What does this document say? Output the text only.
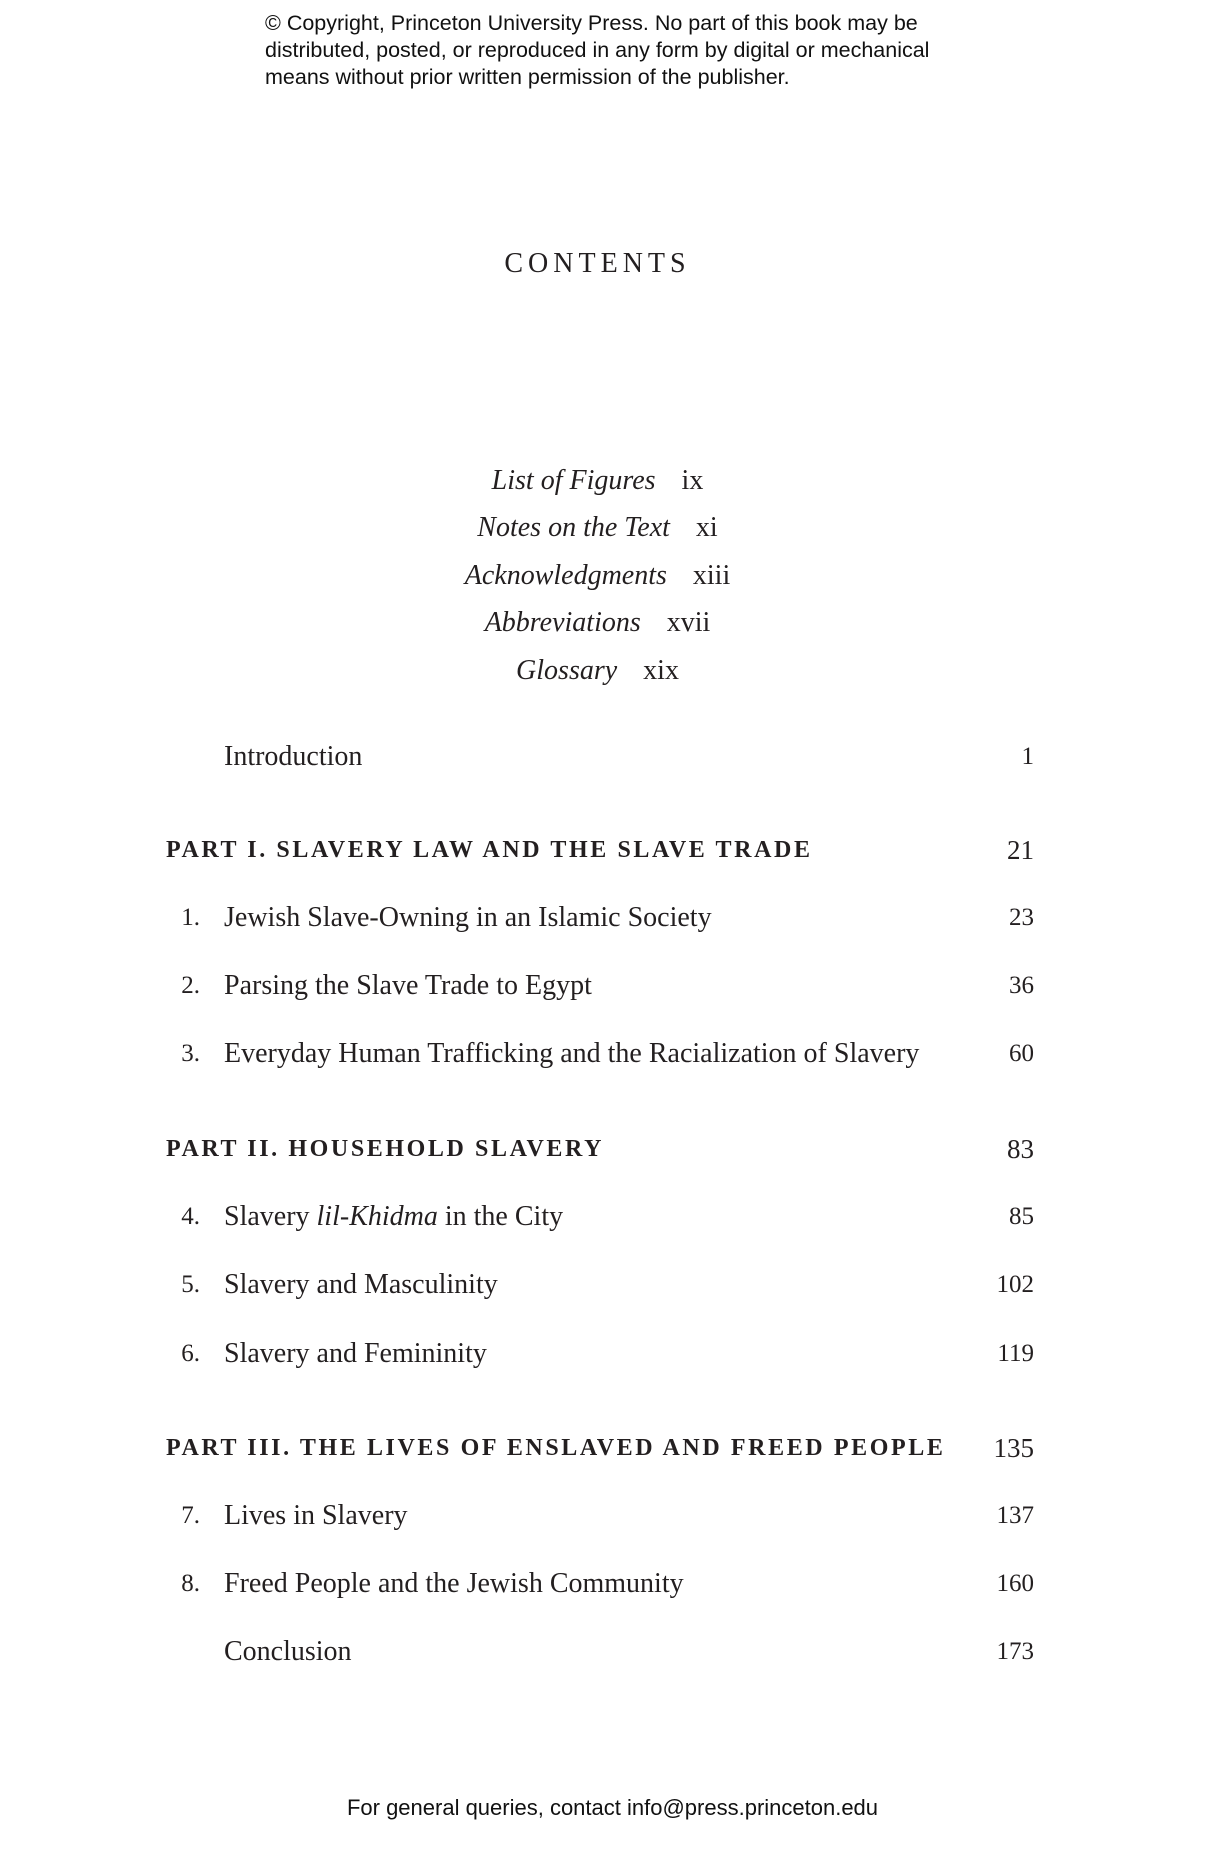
© Copyright, Princeton University Press. No part of this book may be
distributed, posted, or reproduced in any form by digital or mechanical
means without prior written permission of the publisher.
CONTENTS
List of Figures ix
Notes on the Text xi
Acknowledgments xiii
Abbreviations xvii
Glossary xix
Introduction	1
PART I. SLAVERY LAW AND THE SLAVE TRADE	21
1. Jewish Slave-Owning in an Islamic Society	23
2. Parsing the Slave Trade to Egypt	36
3. Everyday Human Trafficking and the Racialization of Slavery	60
PART II. HOUSEHOLD SLAVERY	83
4. Slavery lil-Khidma in the City	85
5. Slavery and Masculinity	102
6. Slavery and Femininity	119
PART III. THE LIVES OF ENSLAVED AND FREED PEOPLE 135
7. Lives in Slavery	137
8. Freed People and the Jewish Community	160
Conclusion	173
For general queries, contact info@press.princeton.edu
